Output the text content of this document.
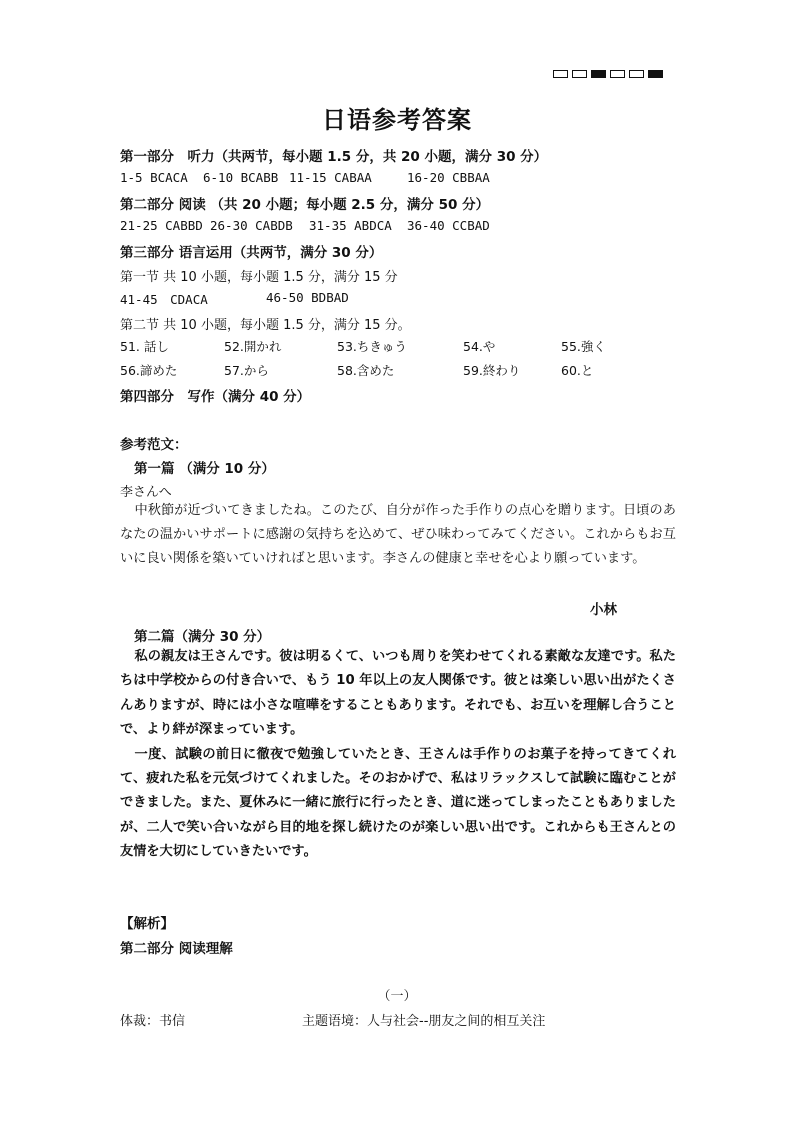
日语参考答案
第一部分　听力（共两节，每小题 1.5 分，共 20 小题，满分 30 分）
1-5 BCACA 6-10 BCABB 11-15 CABAA	16-20 CBBAA
第二部分 阅读 （共 20 小题；每小题 2.5 分，满分 50 分）
21-25 CABBD 26-30 CABDB 31-35 ABDCA 36-40 CCBAD
第三部分 语言运用（共两节，满分 30 分）
第一节 共 10 小题，每小题 1.5 分，满分 15 分
41-45　CDACA	46-50 BDBAD
第二节 共 10 小题，每小题 1.5 分，满分 15 分。
51. 話し	52.開かれ	53.ちきゅう	54.や	55.強く
56.諦めた	57.から	58.含めた	59.終わり	60.と
第四部分　写作（满分 40 分）
参考范文：
第一篇 （满分 10 分）
李さんへ
中秋節が近づいてきましたね。このたび、自分が作った手作りの点心を贈ります。日頃のあなたの温かいサポートに感謝の気持ちを込めて、ぜひ味わってみてください。これからもお互いに良い関係を築いていければと思います。李さんの健康と幸せを心より願っています。
小林
第二篇（满分 30 分）

私の親友は王さんです。彼は明るくて、いつも周りを笑わせてくれる素敵な友達です。私たちは中学校からの付き合いで、もう 10 年以上の友人関係です。彼とは楽しい思い出がたくさんありますが、時には小さな喧嘩をすることもあります。それでも、お互いを理解し合うことで、より絆が深まっています。

一度、試験の前日に徹夜で勉強していたとき、王さんは手作りのお菓子を持ってきてくれて、疲れた私を元気づけてくれました。そのおかげで、私はリラックスして試験に臨むことができました。また、夏休みに一緒に旅行に行ったとき、道に迷ってしまったこともありましたが、二人で笑い合いながら目的地を探し続けたのが楽しい思い出です。これからも王さんとの友情を大切にしていきたいです。

【解析】
第二部分 阅读理解
（一）
体裁：书信	主题语境：人与社会--朋友之间的相互关注
